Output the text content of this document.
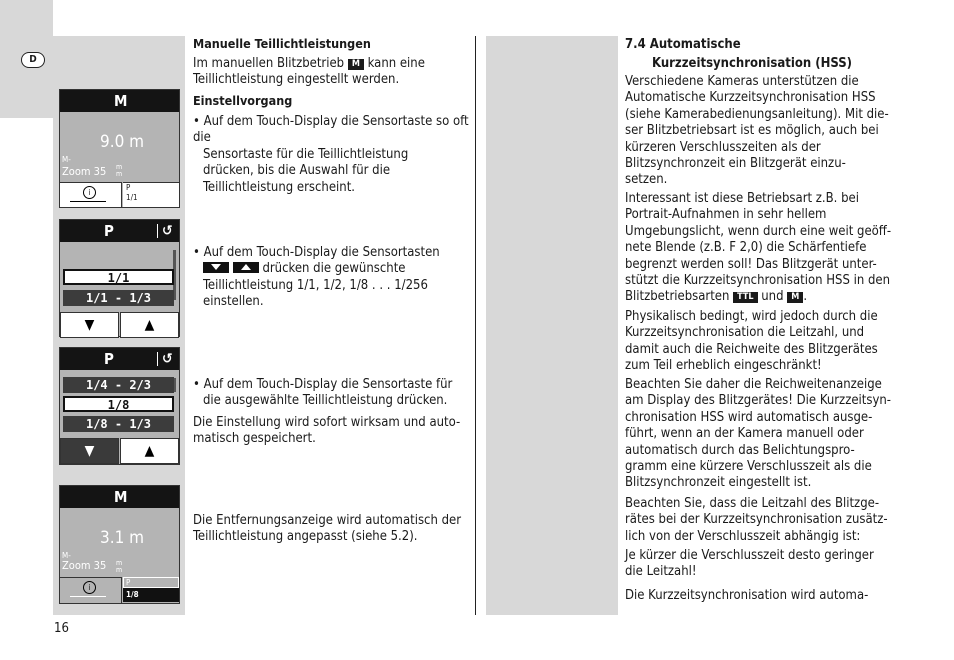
D
16
M
9.0 m
M-
Zoom 35 m
m
i
P
1/1
P	↺
1/1
1/1 - 1/3
▼	▲
P	↺
1/4 - 2/3
1/8
1/8 - 1/3
▼	▲
M
3.1 m
M-
Zoom 35 m
m
i
P
1/8
Manuelle Teillichtleistungen
Im manuellen Blitzbetrieb M kann eine
Teillichtleistung eingestellt werden.
Einstellvorgang
• Auf dem Touch-Display die Sensortaste so oft die
Sensortaste für die Teillichtleistung
drücken, bis die Auswahl für die
Teillichtleistung erscheint.
• Auf dem Touch-Display die Sensortasten

drücken die gewünschte
Teillichtleistung 1/1, 1/2, 1/8 . . . 1/256
einstellen.
• Auf dem Touch-Display die Sensortaste für
die ausgewählte Teillichtleistung drücken.
Die Einstellung wird sofort wirksam und auto-
matisch gespeichert.
Die Entfernungsanzeige wird automatisch der
Teillichtleistung angepasst (siehe 5.2).
7.4 Automatische
Kurzzeitsynchronisation (HSS)
Verschiedene Kameras unterstützen die
Automatische Kurzzeitsynchronisation HSS
(siehe Kamerabedienungsanleitung). Mit die-
ser Blitzbetriebsart ist es möglich, auch bei
kürzeren Verschlusszeiten als der
Blitzsynchronzeit ein Blitzgerät einzu-
setzen.
Interessant ist diese Betriebsart z.B. bei
Portrait-Aufnahmen in sehr hellem
Umgebungslicht, wenn durch eine weit geöff-
nete Blende (z.B. F 2,0) die Schärfentiefe
begrenzt werden soll! Das Blitzgerät unter-
stützt die Kurzzeitsynchronisation HSS in den
Blitzbetriebsarten TTL und M .
Physikalisch bedingt, wird jedoch durch die
Kurzzeitsynchronisation die Leitzahl, und
damit auch die Reichweite des Blitzgerätes
zum Teil erheblich eingeschränkt!
Beachten Sie daher die Reichweitenanzeige
am Display des Blitzgerätes! Die Kurzzeitsyn-
chronisation HSS wird automatisch ausge-
führt, wenn an der Kamera manuell oder
automatisch durch das Belichtungspro-
gramm eine kürzere Verschlusszeit als die
Blitzsynchronzeit eingestellt ist.
Beachten Sie, dass die Leitzahl des Blitzge-
rätes bei der Kurzzeitsynchronisation zusätz-
lich von der Verschlusszeit abhängig ist:
Je kürzer die Verschlusszeit desto geringer
die Leitzahl!
Die Kurzzeitsynchronisation wird automa-
